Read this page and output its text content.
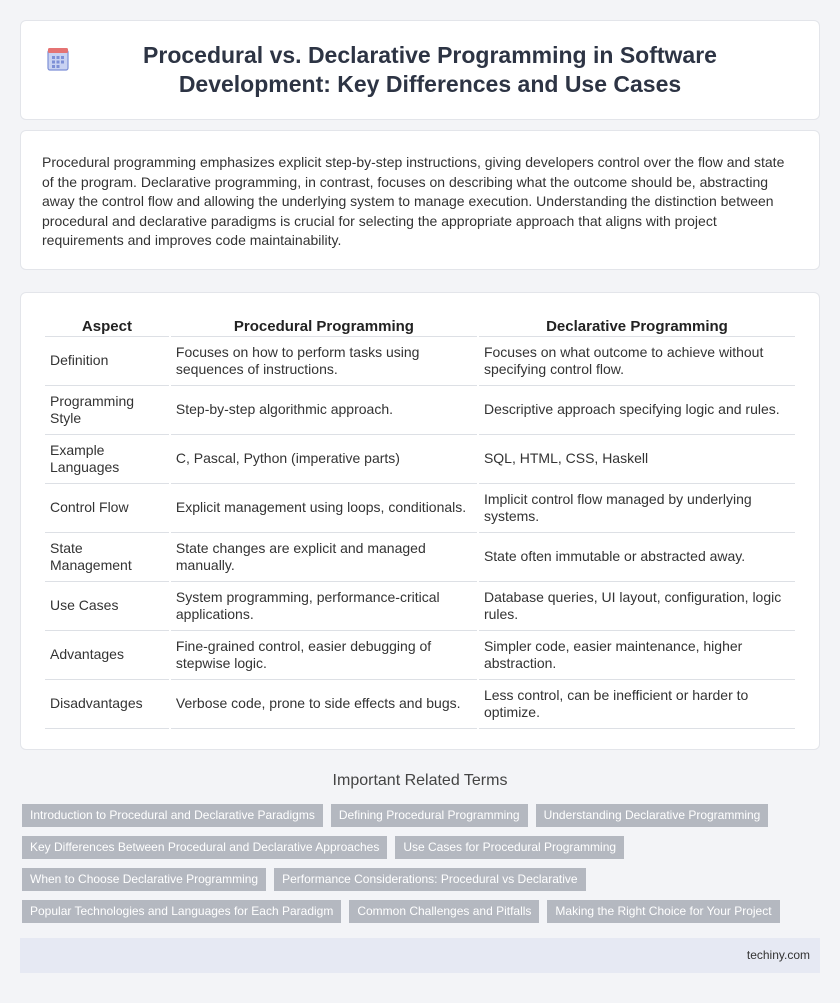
Procedural vs. Declarative Programming in Software Development: Key Differences and Use Cases

Procedural programming emphasizes explicit step-by-step instructions, giving developers control over the flow and state of the program. Declarative programming, in contrast, focuses on describing what the outcome should be, abstracting away the control flow and allowing the underlying system to manage execution. Understanding the distinction between procedural and declarative paradigms is crucial for selecting the appropriate approach that aligns with project requirements and improves code maintainability.

Aspect	Procedural Programming	Declarative Programming
Definition	Focuses on how to perform tasks using sequences of instructions.	Focuses on what outcome to achieve without specifying control flow.
Programming Style	Step-by-step algorithmic approach.	Descriptive approach specifying logic and rules.
Example Languages	C, Pascal, Python (imperative parts)	SQL, HTML, CSS, Haskell
Control Flow	Explicit management using loops, conditionals.	Implicit control flow managed by underlying systems.
State Management	State changes are explicit and managed manually.	State often immutable or abstracted away.
Use Cases	System programming, performance-critical applications.	Database queries, UI layout, configuration, logic rules.
Advantages	Fine-grained control, easier debugging of stepwise logic.	Simpler code, easier maintenance, higher abstraction.
Disadvantages	Verbose code, prone to side effects and bugs.	Less control, can be inefficient or harder to optimize.
Important Related Terms
Introduction to Procedural and Declarative Paradigms	Defining Procedural Programming	Understanding Declarative Programming
Key Differences Between Procedural and Declarative Approaches	Use Cases for Procedural Programming
When to Choose Declarative Programming	Performance Considerations: Procedural vs Declarative
Popular Technologies and Languages for Each Paradigm	Common Challenges and Pitfalls	Making the Right Choice for Your Project
techiny.com
